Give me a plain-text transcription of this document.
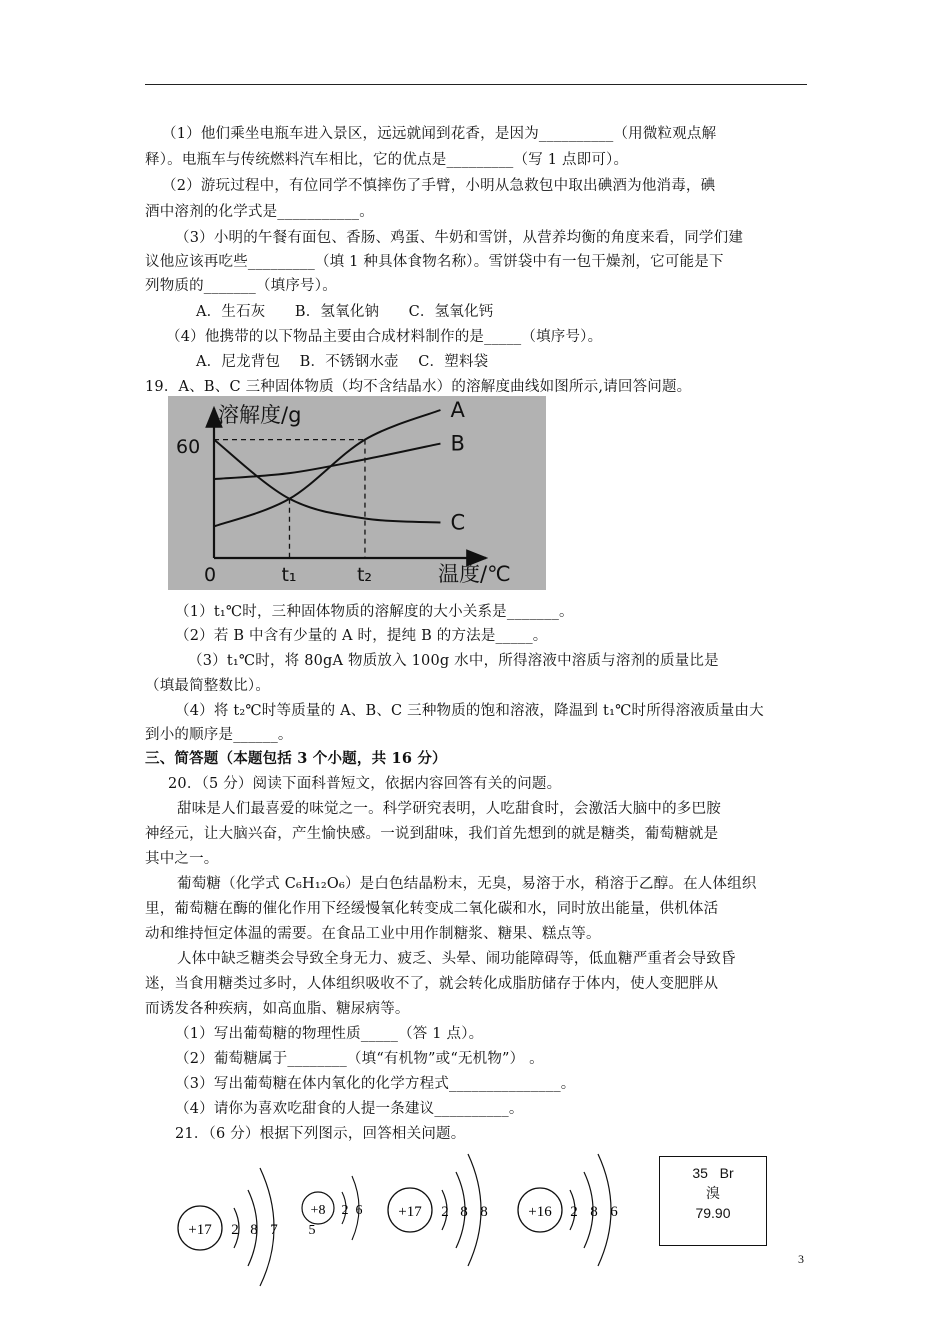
（1）他们乘坐电瓶车进入景区，远远就闻到花香，是因为__________（用微粒观点解
释）。电瓶车与传统燃料汽车相比，它的优点是_________（写 1 点即可）。
（2）游玩过程中，有位同学不慎摔伤了手臂，小明从急救包中取出碘酒为他消毒，碘
酒中溶剂的化学式是___________。
（3）小明的午餐有面包、香肠、鸡蛋、牛奶和雪饼，从营养均衡的角度来看，同学们建
议他应该再吃些_________（填 1 种具体食物名称）。雪饼袋中有一包干燥剂，它可能是下
列物质的_______（填序号）。
A．生石灰　　B．氢氧化钠　　C．氢氧化钙
（4）他携带的以下物品主要由合成材料制作的是_____（填序号）。
A．尼龙背包　 B．不锈钢水壶　 C．塑料袋
19．A、B、C 三种固体物质（均不含结晶水）的溶解度曲线如图所示,请回答问题。
溶解度/g
温度/℃
0
60
t₁	t₂
A
B
C
（1）t₁℃时，三种固体物质的溶解度的大小关系是_______。
（2）若 B 中含有少量的 A 时，提纯 B 的方法是_____。
（3）t₁℃时，将 80gA 物质放入 100g 水中，所得溶液中溶质与溶剂的质量比是
（填最简整数比）。
（4）将 t₂℃时等质量的 A、B、C 三种物质的饱和溶液，降温到 t₁℃时所得溶液质量由大
到小的顺序是______。
三、简答题（本题包括 3 个小题，共 16 分）
20．（5 分）阅读下面科普短文，依据内容回答有关的问题。
甜味是人们最喜爱的味觉之一。科学研究表明，人吃甜食时，会激活大脑中的多巴胺
神经元，让大脑兴奋，产生愉快感。一说到甜味，我们首先想到的就是糖类，葡萄糖就是
其中之一。
葡萄糖（化学式 C₆H₁₂O₆）是白色结晶粉末，无臭，易溶于水，稍溶于乙醇。在人体组织
里，葡萄糖在酶的催化作用下经缓慢氧化转变成二氧化碳和水，同时放出能量，供机体活
动和维持恒定体温的需要。在食品工业中用作制糖浆、糖果、糕点等。
人体中缺乏糖类会导致全身无力、疲乏、头晕、闹功能障碍等，低血糖严重者会导致昏
迷，当食用糖类过多时，人体组织吸收不了，就会转化成脂肪储存于体内，使人变肥胖从
而诱发各种疾病，如高血脂、糖尿病等。
（1）写出葡萄糖的物理性质_____（答 1 点）。
（2）葡萄糖属于________（填“有机物”或“无机物”） 。
（3）写出葡萄糖在体内氧化的化学方程式_______________。
（4）请你为喜欢吃甜食的人提一条建议__________。
21．（6 分）根据下列图示，回答相关问题。
+17 2 8 7
+8
5
2 6 +17 2 8 8	+16 2 8 6
35 Br
溴
79.90
3
